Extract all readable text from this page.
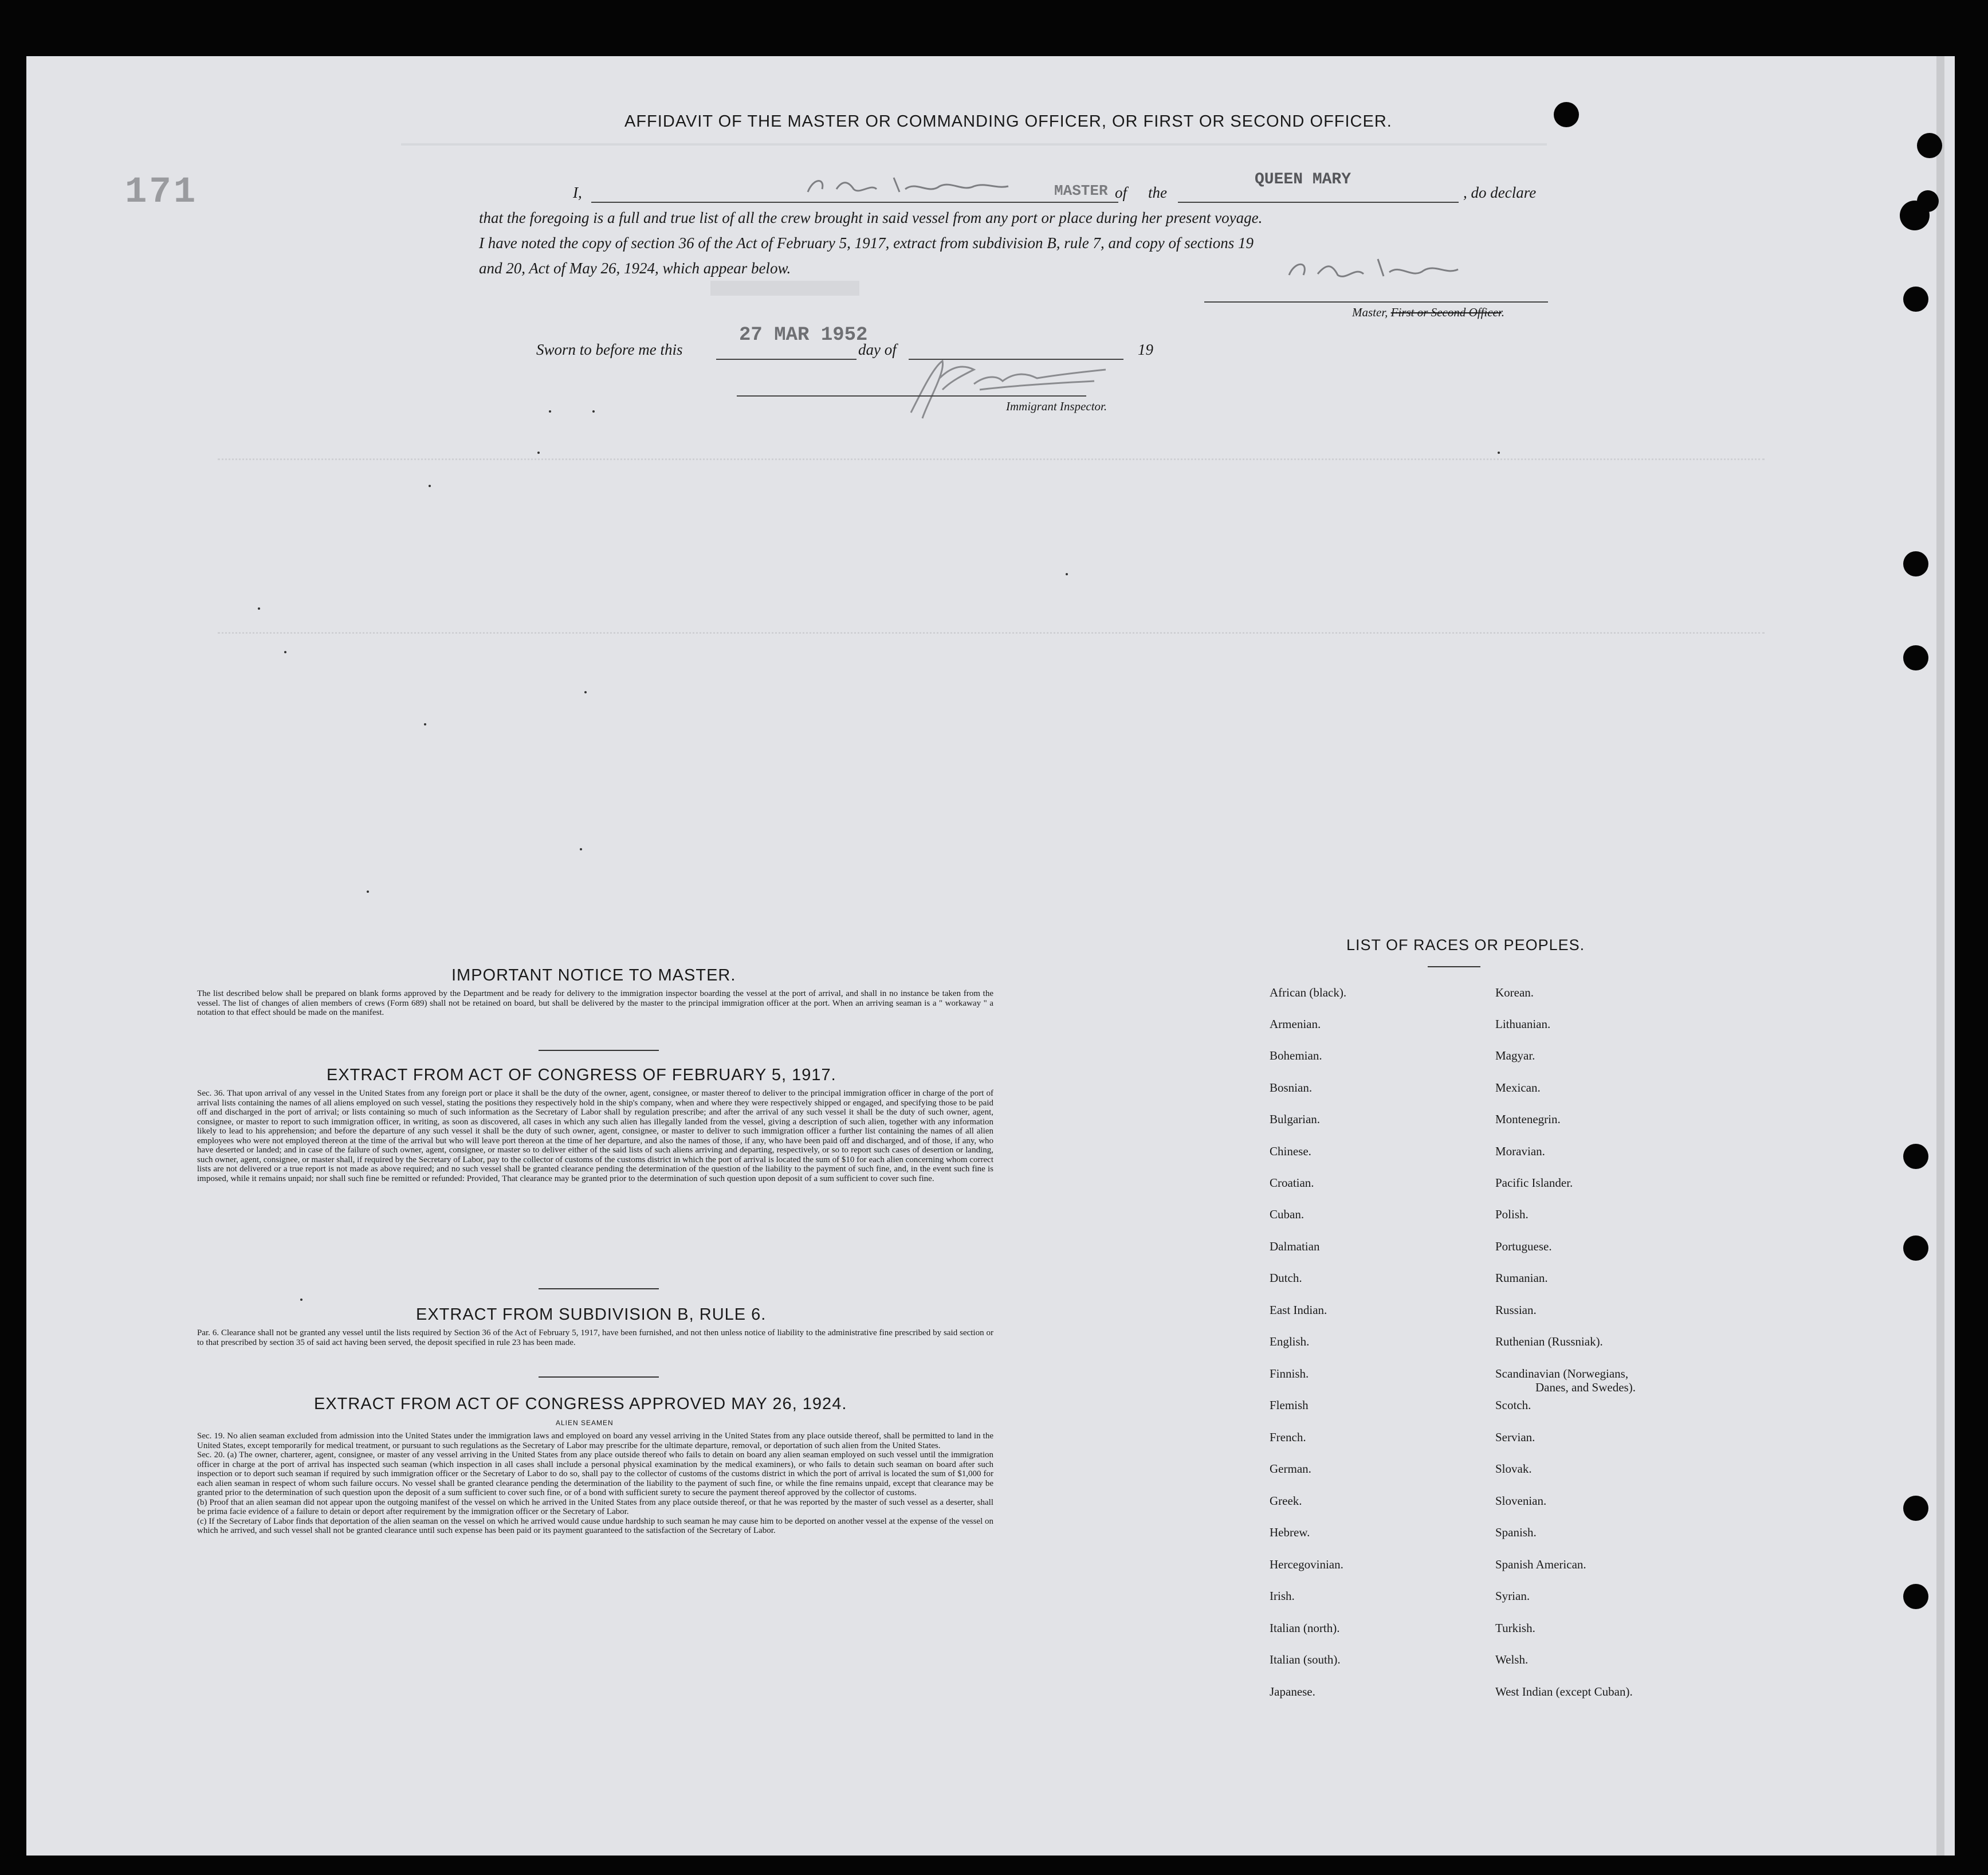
171
AFFIDAVIT OF THE MASTER OR COMMANDING OFFICER, OR FIRST OR SECOND OFFICER.
I,	MASTER of the
QUEEN MARY
, do declare
that the foregoing is a full and true list of all the crew brought in said vessel from any port or place during her present voyage.
I have noted the copy of section 36 of the Act of February 5, 1917, extract from subdivision B, rule 7, and copy of sections 19
and 20, Act of May 26, 1924, which appear below.
Master, First or Second Officer.
Sworn to before me this
27 MAR 1952
day of	19
Immigrant Inspector.
IMPORTANT NOTICE TO MASTER.
The list described below shall be prepared on blank forms approved by the Department and be ready for delivery to the immigration inspector boarding the vessel at the port of arrival, and shall in no instance be taken from the vessel. The list of changes of alien members of crews (Form 689) shall not be retained on board, but shall be delivered by the master to the principal immigration officer at the port. When an arriving seaman is a " workaway " a notation to that effect should be made on the manifest.
EXTRACT FROM ACT OF CONGRESS OF FEBRUARY 5, 1917.
Sec. 36. That upon arrival of any vessel in the United States from any foreign port or place it shall be the duty of the owner, agent, consignee, or master thereof to deliver to the principal immigration officer in charge of the port of arrival lists containing the names of all aliens employed on such vessel, stating the positions they respectively hold in the ship's company, when and where they were respectively shipped or engaged, and specifying those to be paid off and discharged in the port of arrival; or lists containing so much of such information as the Secretary of Labor shall by regulation prescribe; and after the arrival of any such vessel it shall be the duty of such owner, agent, consignee, or master to report to such immigration officer, in writing, as soon as discovered, all cases in which any such alien has illegally landed from the vessel, giving a description of such alien, together with any information likely to lead to his apprehension; and before the departure of any such vessel it shall be the duty of such owner, agent, consignee, or master to deliver to such immigration officer a further list containing the names of all alien employees who were not employed thereon at the time of the arrival but who will leave port thereon at the time of her departure, and also the names of those, if any, who have been paid off and discharged, and of those, if any, who have deserted or landed; and in case of the failure of such owner, agent, consignee, or master so to deliver either of the said lists of such aliens arriving and departing, respectively, or so to report such cases of desertion or landing, such owner, agent, consignee, or master shall, if required by the Secretary of Labor, pay to the collector of customs of the customs district in which the port of arrival is located the sum of $10 for each alien concerning whom correct lists are not delivered or a true report is not made as above required; and no such vessel shall be granted clearance pending the determination of the question of the liability to the payment of such fine, and, in the event such fine is imposed, while it remains unpaid; nor shall such fine be remitted or refunded: Provided, That clearance may be granted prior to the determination of such question upon deposit of a sum sufficient to cover such fine.
EXTRACT FROM SUBDIVISION B, RULE 6.
Par. 6. Clearance shall not be granted any vessel until the lists required by Section 36 of the Act of February 5, 1917, have been furnished, and not then unless notice of liability to the administrative fine prescribed by said section or to that prescribed by section 35 of said act having been served, the deposit specified in rule 23 has been made.
EXTRACT FROM ACT OF CONGRESS APPROVED MAY 26, 1924.
ALIEN SEAMEN

Sec. 19. No alien seaman excluded from admission into the United States under the immigration laws and employed on board any vessel arriving in the United States from any place outside thereof, shall be permitted to land in the United States, except temporarily for medical treatment, or pursuant to such regulations as the Secretary of Labor may prescribe for the ultimate departure, removal, or deportation of such alien from the United States.

Sec. 20. (a) The owner, charterer, agent, consignee, or master of any vessel arriving in the United States from any place outside thereof who fails to detain on board any alien seaman employed on such vessel until the immigration officer in charge at the port of arrival has inspected such seaman (which inspection in all cases shall include a personal physical examination by the medical examiners), or who fails to detain such seaman on board after such inspection or to deport such seaman if required by such immigration officer or the Secretary of Labor to do so, shall pay to the collector of customs of the customs district in which the port of arrival is located the sum of $1,000 for each alien seaman in respect of whom such failure occurs. No vessel shall be granted clearance pending the determination of the liability to the payment of such fine, or while the fine remains unpaid, except that clearance may be granted prior to the determination of such question upon the deposit of a sum sufficient to cover such fine, or of a bond with sufficient surety to secure the payment thereof approved by the collector of customs.

(b) Proof that an alien seaman did not appear upon the outgoing manifest of the vessel on which he arrived in the United States from any place outside thereof, or that he was reported by the master of such vessel as a deserter, shall be prima facie evidence of a failure to detain or deport after requirement by the immigration officer or the Secretary of Labor.

(c) If the Secretary of Labor finds that deportation of the alien seaman on the vessel on which he arrived would cause undue hardship to such seaman he may cause him to be deported on another vessel at the expense of the vessel on which he arrived, and such vessel shall not be granted clearance until such expense has been paid or its payment guaranteed to the satisfaction of the Secretary of Labor.

LIST OF RACES OR PEOPLES.
African (black).
Armenian.
Bohemian.
Bosnian.
Bulgarian.
Chinese.
Croatian.
Cuban.
Dalmatian
Dutch.
East Indian.
English.
Finnish.
Flemish
French.
German.
Greek.
Hebrew.
Hercegovinian.
Irish.
Italian (north).
Italian (south).
Japanese.
Korean.
Lithuanian.
Magyar.
Mexican.
Montenegrin.
Moravian.
Pacific Islander.
Polish.
Portuguese.
Rumanian.
Russian.
Ruthenian (Russniak).
Scandinavian (Norwegians,
Danes, and Swedes).
Scotch.
Servian.
Slovak.
Slovenian.
Spanish.
Spanish American.
Syrian.
Turkish.
Welsh.
West Indian (except Cuban).
